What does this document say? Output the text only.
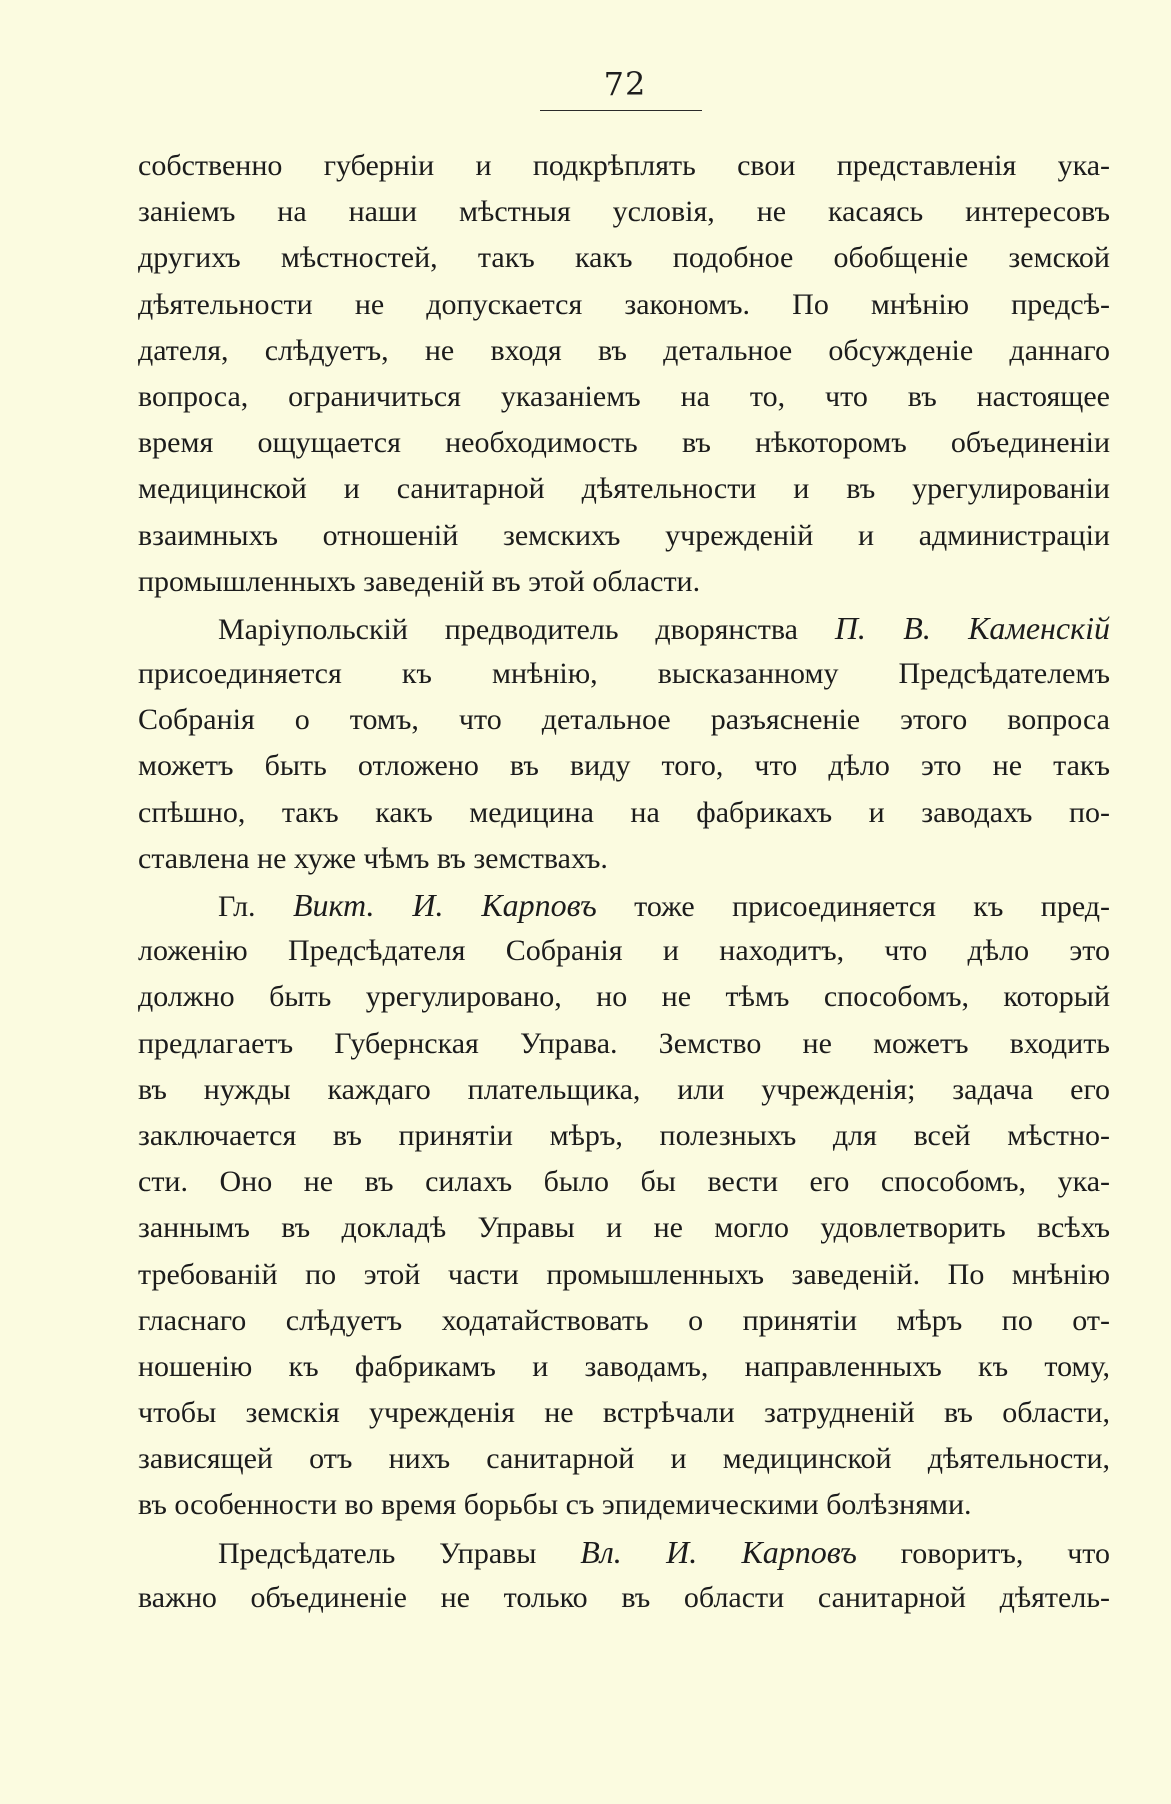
72
собственно губерніи и подкрѣплять свои представленія ука-
заніемъ на наши мѣстныя условія, не касаясь интересовъ
другихъ мѣстностей, такъ какъ подобное обобщеніе земской
дѣятельности не допускается закономъ. По мнѣнію предсѣ-
дателя, слѣдуетъ, не входя въ детальное обсужденіе даннаго
вопроса, ограничиться указаніемъ на то, что въ настоящее
время ощущается необходимость въ нѣкоторомъ объединеніи
медицинской и санитарной дѣятельности и въ урегулированіи
взаимныхъ отношеній земскихъ учрежденій и администраціи
промышленныхъ заведеній въ этой области.
Маріупольскій предводитель дворянства П. В. Каменскій
присоединяется къ мнѣнію, высказанному Предсѣдателемъ
Собранія о томъ, что детальное разъясненіе этого вопроса
можетъ быть отложено въ виду того, что дѣло это не такъ
спѣшно, такъ какъ медицина на фабрикахъ и заводахъ по-
ставлена не хуже чѣмъ въ земствахъ.
Гл. Викт. И. Карповъ тоже присоединяется къ пред-
ложенію Предсѣдателя Собранія и находитъ, что дѣло это
должно быть урегулировано, но не тѣмъ способомъ, который
предлагаетъ Губернская Управа. Земство не можетъ входить
въ нужды каждаго плательщика, или учрежденія; задача его
заключается въ принятіи мѣръ, полезныхъ для всей мѣстно-
сти. Оно не въ силахъ было бы вести его способомъ, ука-
заннымъ въ докладѣ Управы и не могло удовлетворить всѣхъ
требованій по этой части промышленныхъ заведеній. По мнѣнію
гласнаго слѣдуетъ ходатайствовать о принятіи мѣръ по от-
ношенію къ фабрикамъ и заводамъ, направленныхъ къ тому,
чтобы земскія учрежденія не встрѣчали затрудненій въ области,
зависящей отъ нихъ санитарной и медицинской дѣятельности,
въ особенности во время борьбы съ эпидемическими болѣзнями.
Предсѣдатель Управы Вл. И. Карповъ говоритъ, что
важно объединеніе не только въ области санитарной дѣятель-
